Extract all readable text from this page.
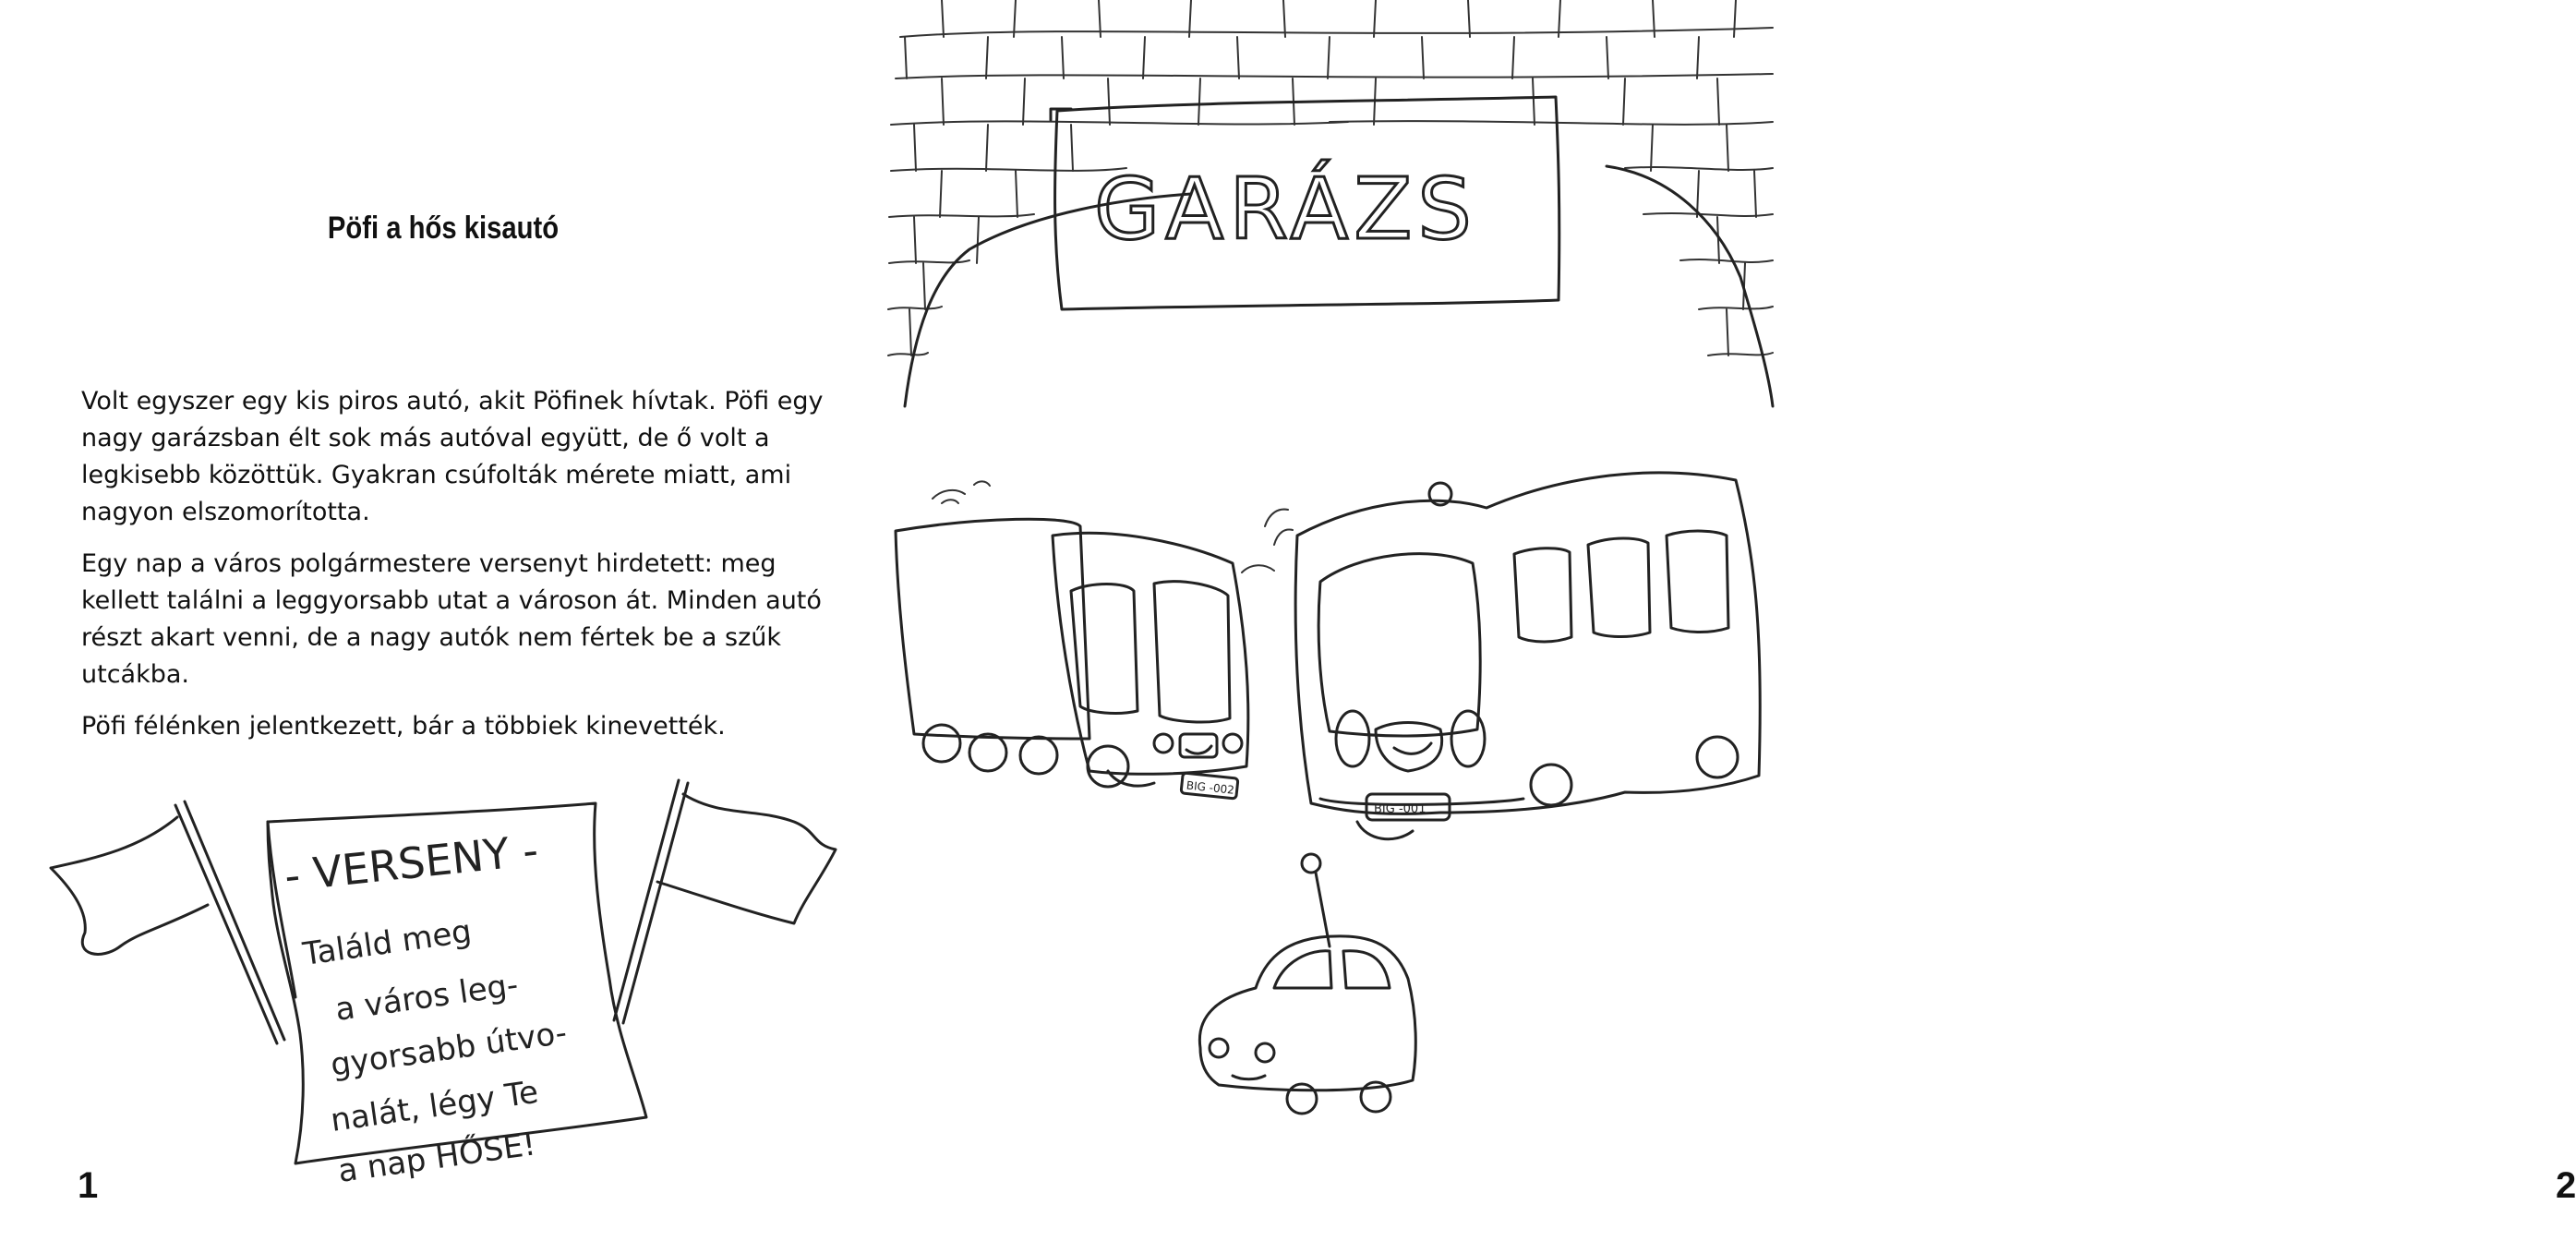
Pöfi a hős kisautó

Volt egyszer egy kis piros autó, akit Pöfinek hívtak. Pöfi egy nagy garázsban élt sok más autóval együtt, de ő volt a legkisebb közöttük. Gyakran csúfolták mérete miatt, ami nagyon elszomorította.

Egy nap a város polgármestere versenyt hirdetett: meg kellett találni a leggyorsabb utat a városon át. Minden autó részt akart venni, de a nagy autók nem fértek be a szűk utcákba.

Pöfi félénken jelentkezett, bár a többiek kinevették.

- VERSENY -
Találd meg
a város leg-
gyorsabb útvo-
nalát, légy Te
a nap HŐSE!
1
GARÁZS
BIG -002
BIG -001
2
